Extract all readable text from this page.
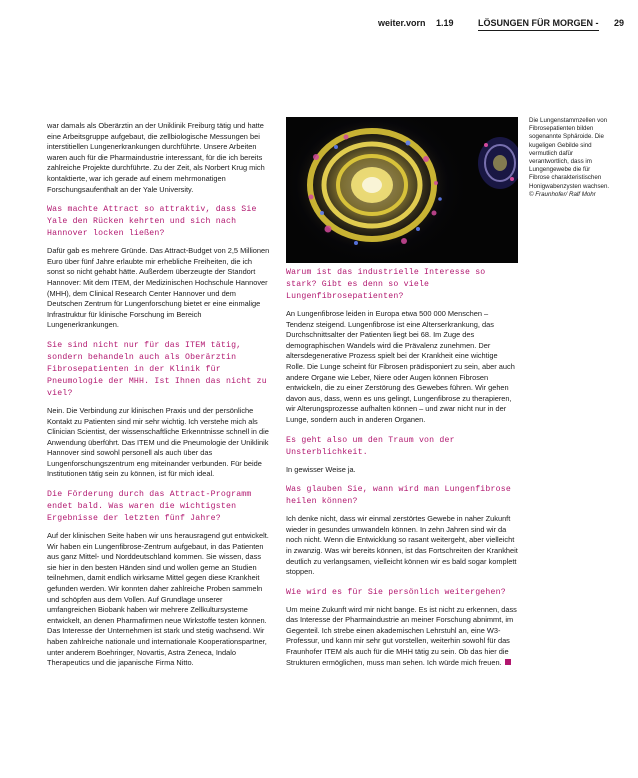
weiter.vorn 1.19	LÖSUNGEN FÜR MORGEN - 29

war damals als Oberärztin an der Uniklinik Freiburg tätig und hatte eine Arbeitsgruppe aufgebaut, die zellbiologische Messungen bei interstitiellen Lungenerkrankungen durchführte. Unsere Arbeiten waren auch für die Pharmaindustrie interessant, für die ich bereits zahlreiche Projekte durchführte. Zu der Zeit, als Norbert Krug mich kontaktierte, war ich gerade auf einem mehrmonatigen Forschungsaufenthalt an der Yale University.

Was machte Attract so attraktiv, dass Sie Yale den Rücken kehrten und sich nach Hannover locken ließen?

Dafür gab es mehrere Gründe. Das Attract-Budget von 2,5 Millionen Euro über fünf Jahre erlaubte mir erhebliche Freiheiten, die ich sonst so nicht gehabt hätte. Außerdem überzeugte der Standort Hannover: Mit dem ITEM, der Medizinischen Hochschule Hannover (MHH), dem Clinical Research Center Hannover und dem Deutschen Zentrum für Lungenforschung bietet er eine einmalige Infrastruktur für klinische Forschung im Bereich Lungenerkrankungen.

Sie sind nicht nur für das ITEM tätig, sondern behandeln auch als Oberärztin Fibrosepatienten in der Klinik für Pneumologie der MHH. Ist Ihnen das nicht zu viel?

Nein. Die Verbindung zur klinischen Praxis und der persönliche Kontakt zu Patienten sind mir sehr wichtig. Ich verstehe mich als Clinician Scientist, der wissenschaftliche Erkenntnisse schnell in die Anwendung überführt. Das ITEM und die Pneumologie der Uniklinik Hannover sind sowohl personell als auch über das Lungenforschungszentrum eng miteinander verbunden. Für beide Institutionen tätig sein zu können, ist für mich ideal.

Die Förderung durch das Attract-Programm endet bald. Was waren die wichtigsten Ergebnisse der letzten fünf Jahre?

Auf der klinischen Seite haben wir uns herausragend gut entwickelt. Wir haben ein Lungenfibrose-Zentrum aufgebaut, in das Patienten aus ganz Mittel- und Norddeutschland kommen. Sie wissen, dass sie hier in den besten Händen sind und wollen gerne an Studien teilnehmen, damit endlich wirksame Mittel gegen diese Krankheit gefunden werden. Wir konnten daher zahlreiche Proben sammeln und schöpfen aus dem Vollen. Auf Grundlage unserer umfangreichen Biobank haben wir mehrere Zellkultursysteme entwickelt, an denen Pharmafirmen neue Wirkstoffe testen können. Das Interesse der Unternehmen ist stark und stetig wachsend. Wir haben zahlreiche nationale und internationale Kooperationspartner, unter anderem Boehringer, Novartis, Astra Zeneca, Indalo Therapeutics und die japanische Firma Nitto.

Die Lungenstammzellen von Fibrosepatienten bilden sogenannte Sphäroide. Die kugeligen Gebilde sind vermutlich dafür verantwortlich, dass im Lungengewebe die für Fibrose charakteristischen Honigwabenzysten wachsen. © Fraunhofer/ Ralf Mohr

Warum ist das industrielle Interesse so stark? Gibt es denn so viele Lungenfibrosepatienten?

An Lungenfibrose leiden in Europa etwa 500 000 Menschen – Tendenz steigend. Lungenfibrose ist eine Alterserkrankung, das Durchschnittsalter der Patienten liegt bei 68. Im Zuge des demographischen Wandels wird die Prävalenz zunehmen. Der altersdegenerative Prozess spielt bei der Krankheit eine wichtige Rolle. Die Lunge scheint für Fibrosen prädisponiert zu sein, aber auch andere Organe wie Leber, Niere oder Augen können Fibrosen entwickeln, die zu einer Zerstörung des Gewebes führen. Wir gehen davon aus, dass, wenn es uns gelingt, Lungenfibrose zu therapieren, wir Alterungsprozesse aufhalten können – und zwar nicht nur in der Lunge, sondern auch in anderen Organen.

Es geht also um den Traum von der Unsterblichkeit.

In gewisser Weise ja.

Was glauben Sie, wann wird man Lungenfibrose heilen können?

Ich denke nicht, dass wir einmal zerstörtes Gewebe in naher Zukunft wieder in gesundes umwandeln können. In zehn Jahren sind wir da noch nicht. Wenn die Entwicklung so rasant weitergeht, aber vielleicht in zwanzig. Was wir bereits können, ist das Fortschreiten der Krankheit deutlich zu verlangsamen, vielleicht können wir es bald sogar komplett stoppen.

Wie wird es für Sie persönlich weitergehen?

Um meine Zukunft wird mir nicht bange. Es ist nicht zu erkennen, dass das Interesse der Pharmaindustrie an meiner Forschung abnimmt, im Gegenteil. Ich strebe einen akademischen Lehrstuhl an, eine W3-Professur, und kann mir sehr gut vorstellen, weiterhin sowohl für das Fraunhofer ITEM als auch für die MHH tätig zu sein. Ob das hier die Strukturen ermöglichen, muss man sehen. Ich würde mich freuen.
